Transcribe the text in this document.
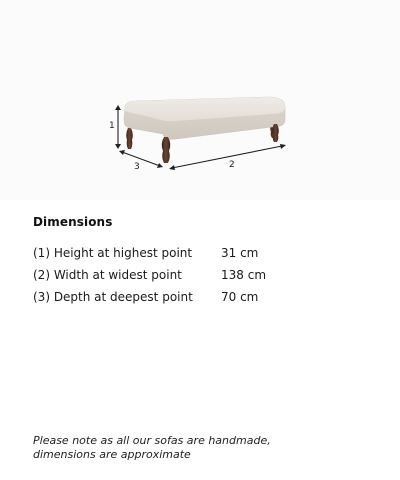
1
3	2
Dimensions
(1) Height at highest point 31 cm
(2) Width at widest point	138 cm
(3) Depth at deepest point 70 cm
Please note as all our sofas are handmade,
dimensions are approximate
